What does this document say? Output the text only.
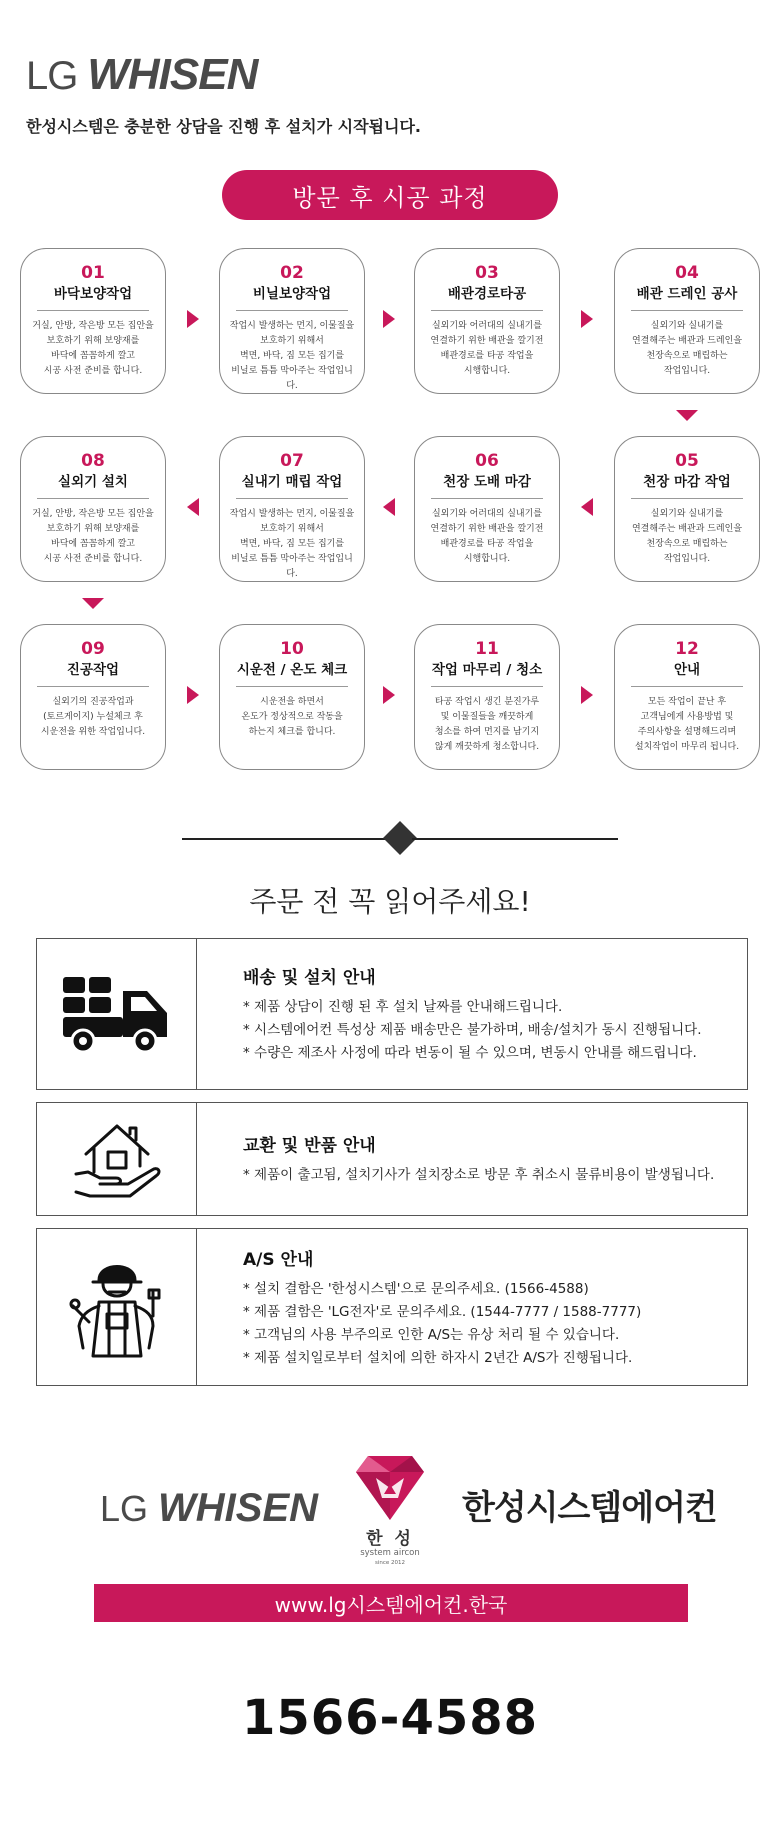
LG WHISEN
한성시스템은 충분한 상담을 진행 후 설치가 시작됩니다.
방문 후 시공 과정
01
바닥보양작업
거실, 안방, 작은방 모든 집안을
보호하기 위해 보양재를
바닥에 꼼꼼하게 깔고
시공 사전 준비를 합니다.
02
비닐보양작업
작업시 발생하는 먼지, 이물질을
보호하기 위해서
벽면, 바닥, 짐 모든 집기를
비닐로 틈틈 막아주는 작업입니다.
03
배관경로타공
실외기와 어러대의 실내기를
연결하기 위한 배관을 깔기전
배관경로를 타공 작업을
시행합니다.
04
배관 드레인 공사
실외기와 실내기를
연결해주는 배관과 드레인을
천장속으로 매립하는
작업입니다.
08
실외기 설치
거실, 안방, 작은방 모든 집안을
보호하기 위해 보양재를
바닥에 꼼꼼하게 깔고
시공 사전 준비를 합니다.
07
실내기 매립 작업
작업시 발생하는 먼지, 이물질을
보호하기 위해서
벽면, 바닥, 짐 모든 집기를
비닐로 틈틈 막아주는 작업입니다.
06
천장 도배 마감
실외기와 어러대의 실내기를
연결하기 위한 배관을 깔기전
배관경로를 타공 작업을
시행합니다.
05
천장 마감 작업
실외기와 실내기를
연결해주는 배관과 드레인을
천장속으로 매립하는
작업입니다.
09
진공작업
실외기의 진공작업과
(토르게이지) 누설체크 후
시운전을 위한 작업입니다.
10
시운전 / 온도 체크
시운전을 하면서
온도가 정상적으로 작동을
하는지 체크를 합니다.
11
작업 마무리 / 청소
타공 작업시 생긴 분진가루
및 이물질들을 깨끗하게
청소를 하여 먼지를 남기지
않게 깨끗하게 청소합니다.
12
안내
모든 작업이 끝난 후
고객님에게 사용방법 및
주의사항을 설명해드리며
설치작업이 마무리 됩니다.
주문 전 꼭 읽어주세요!
배송 및 설치 안내
* 제품 상담이 진행 된 후 설치 날짜를 안내해드립니다.
* 시스템에어컨 특성상 제품 배송만은 불가하며, 배송/설치가 동시 진행됩니다.
* 수량은 제조사 사정에 따라 변동이 될 수 있으며, 변동시 안내를 해드립니다.
교환 및 반품 안내
* 제품이 출고됨, 설치기사가 설치장소로 방문 후 취소시 물류비용이 발생됩니다.
A/S 안내
* 설치 결함은 '한성시스템'으로 문의주세요. (1566-4588)
* 제품 결함은 'LG전자'로 문의주세요. (1544-7777 / 1588-7777)
* 고객님의 사용 부주의로 인한 A/S는 유상 처리 될 수 있습니다.
* 제품 설치일로부터 설치에 의한 하자시 2년간 A/S가 진행됩니다.
LG WHISEN
한 성
system aircon
since 2012
한성시스템에어컨
www.lg시스템에어컨.한국
1566-4588
